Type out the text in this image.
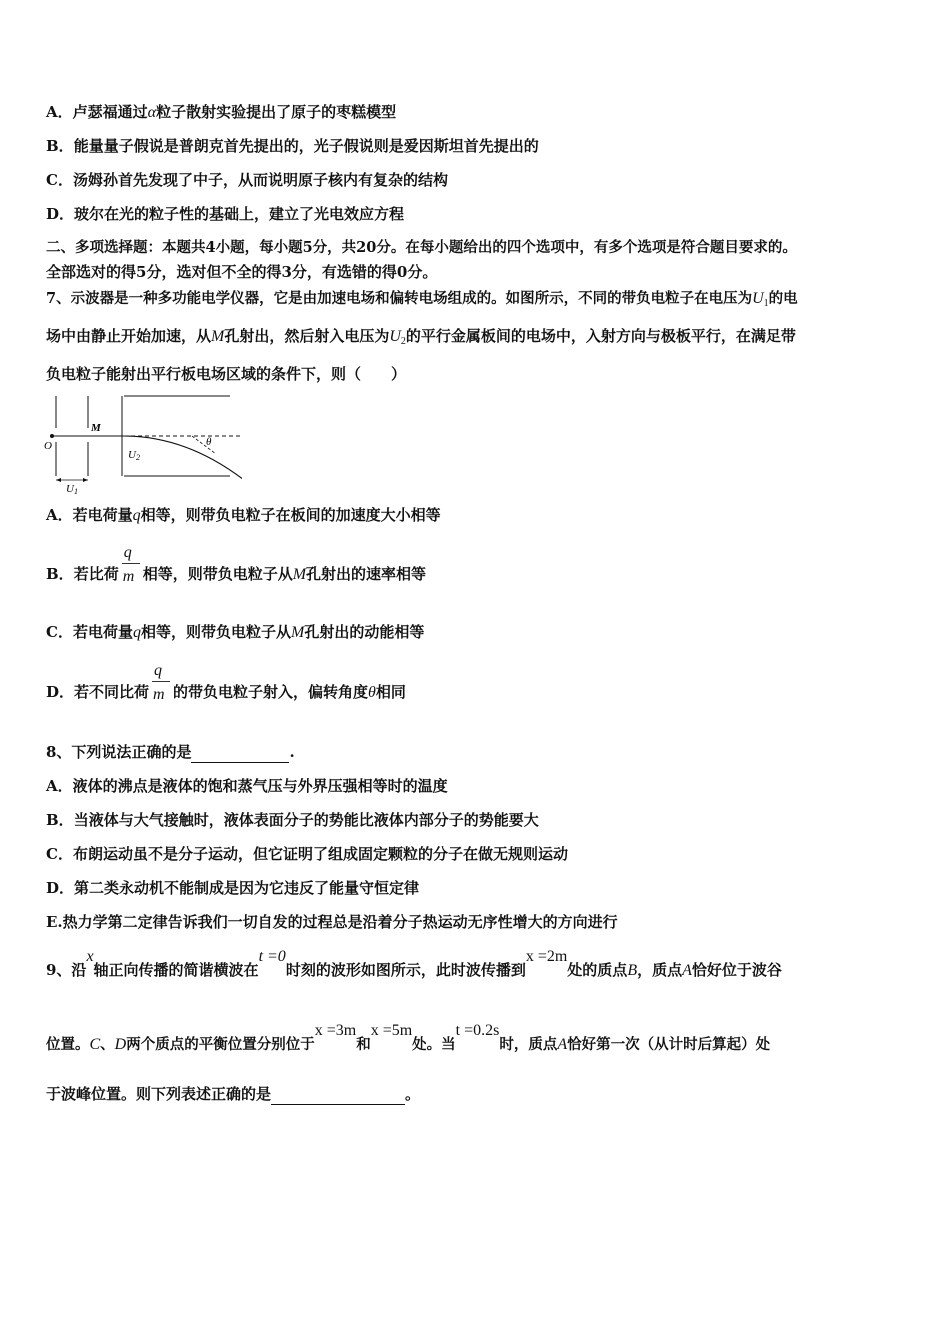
A．卢瑟福通过α粒子散射实验提出了原子的枣糕模型
B．能量量子假说是普朗克首先提出的，光子假说则是爱因斯坦首先提出的
C．汤姆孙首先发现了中子，从而说明原子核内有复杂的结构
D．玻尔在光的粒子性的基础上，建立了光电效应方程
二、多项选择题：本题共4小题，每小题5分，共20分。在每小题给出的四个选项中，有多个选项是符合题目要求的。
全部选对的得5分，选对但不全的得3分，有选错的得0分。
7、示波器是一种多功能电学仪器，它是由加速电场和偏转电场组成的。如图所示，不同的带负电粒子在电压为$U_1$的电
场中由静止开始加速，从M孔射出，然后射入电压为$U_2$的平行金属板间的电场中，入射方向与极板平行，在满足带
负电粒子能射出平行板电场区域的条件下，则（　　）
M
O	θ
U2
U1
A．若电荷量q相等，则带负电粒子在板间的加速度大小相等
B．若比荷 $\frac{q}{m}$ 相等，则带负电粒子从M孔射出的速率相等
C．若电荷量q相等，则带负电粒子从M孔射出的动能相等
D．若不同比荷 $\frac{q}{m}$ 的带负电粒子射入，偏转角度θ相同
8、下列说法正确的是	.
A．液体的沸点是液体的饱和蒸气压与外界压强相等时的温度
B．当液体与大气接触时，液体表面分子的势能比液体内部分子的势能要大
C．布朗运动虽不是分子运动，但它证明了组成固定颗粒的分子在做无规则运动
D．第二类永动机不能制成是因为它违反了能量守恒定律
E.热力学第二定律告诉我们一切自发的过程总是沿着分子热运动无序性增大的方向进行
9、沿x轴正向传播的简谐横波在t =0时刻的波形如图所示，此时波传播到x =2m处的质点B，质点A恰好位于波谷
位置。C、D两个质点的平衡位置分别位于x =3m和x =5m处。当t =0.2s时，质点A恰好第一次（从计时后算起）处
于波峰位置。则下列表述正确的是	。
